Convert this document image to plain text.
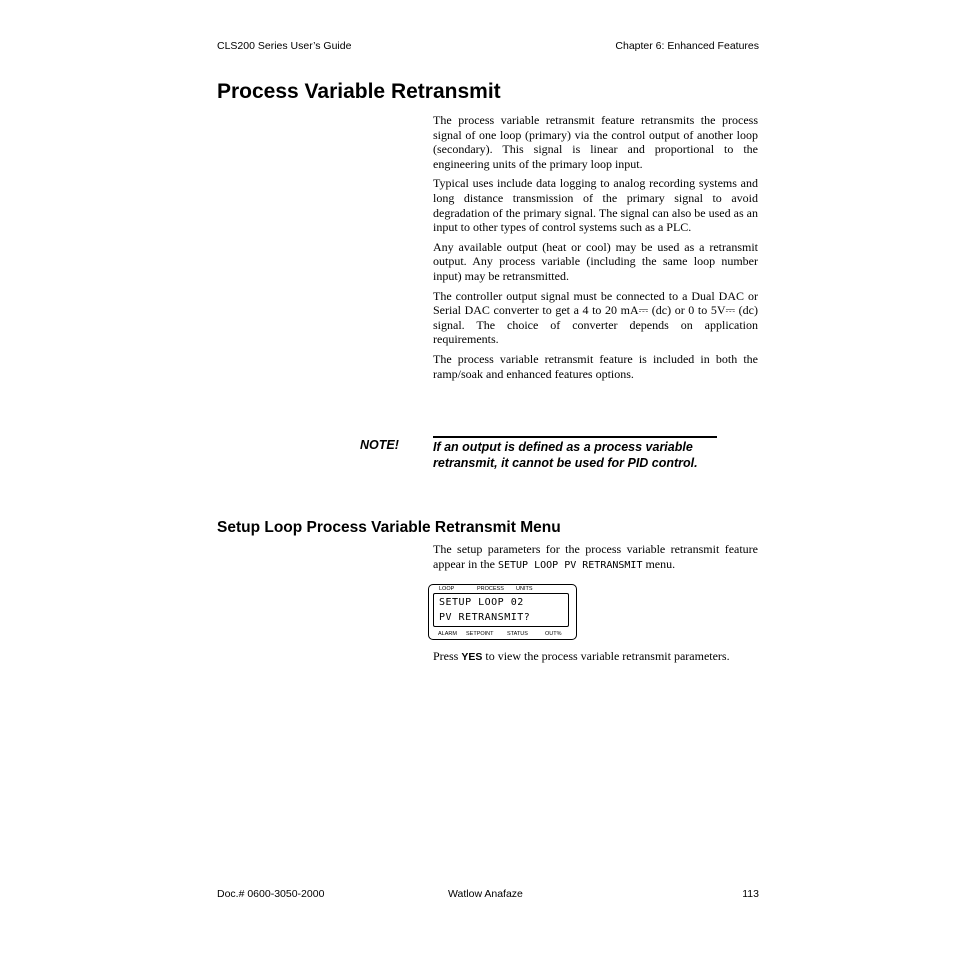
CLS200 Series User’s Guide	Chapter 6: Enhanced Features
Process Variable Retransmit

The process variable retransmit feature retransmits the process signal of one loop (primary) via the control output of another loop (secondary). This signal is linear and proportional to the engineering units of the primary loop input.

Typical uses include data logging to analog recording systems and long distance transmission of the primary signal to avoid degradation of the primary signal. The signal can also be used as an input to other types of control systems such as a PLC.

Any available output (heat or cool) may be used as a retransmit output. Any process variable (including the same loop number input) may be retransmitted.

The controller output signal must be connected to a Dual DAC or Serial DAC converter to get a 4 to 20 mA⎓ (dc) or 0 to 5V⎓ (dc) signal. The choice of converter depends on application requirements.

The process variable retransmit feature is included in both the ramp/soak and enhanced features options.

NOTE!	If an output is defined as a process variable retransmit, it cannot be used for PID control.
Setup Loop Process Variable Retransmit Menu

The setup parameters for the process variable retransmit feature appear in the SETUP LOOP PV RETRANSMIT menu.

LOOP	PROCESS UNITS
SETUP LOOP 02
PV RETRANSMIT?
ALARM SETPOINT STATUS	OUT%

Press YES to view the process variable retransmit parameters.

Doc.# 0600-3050-2000	Watlow Anafaze	113
